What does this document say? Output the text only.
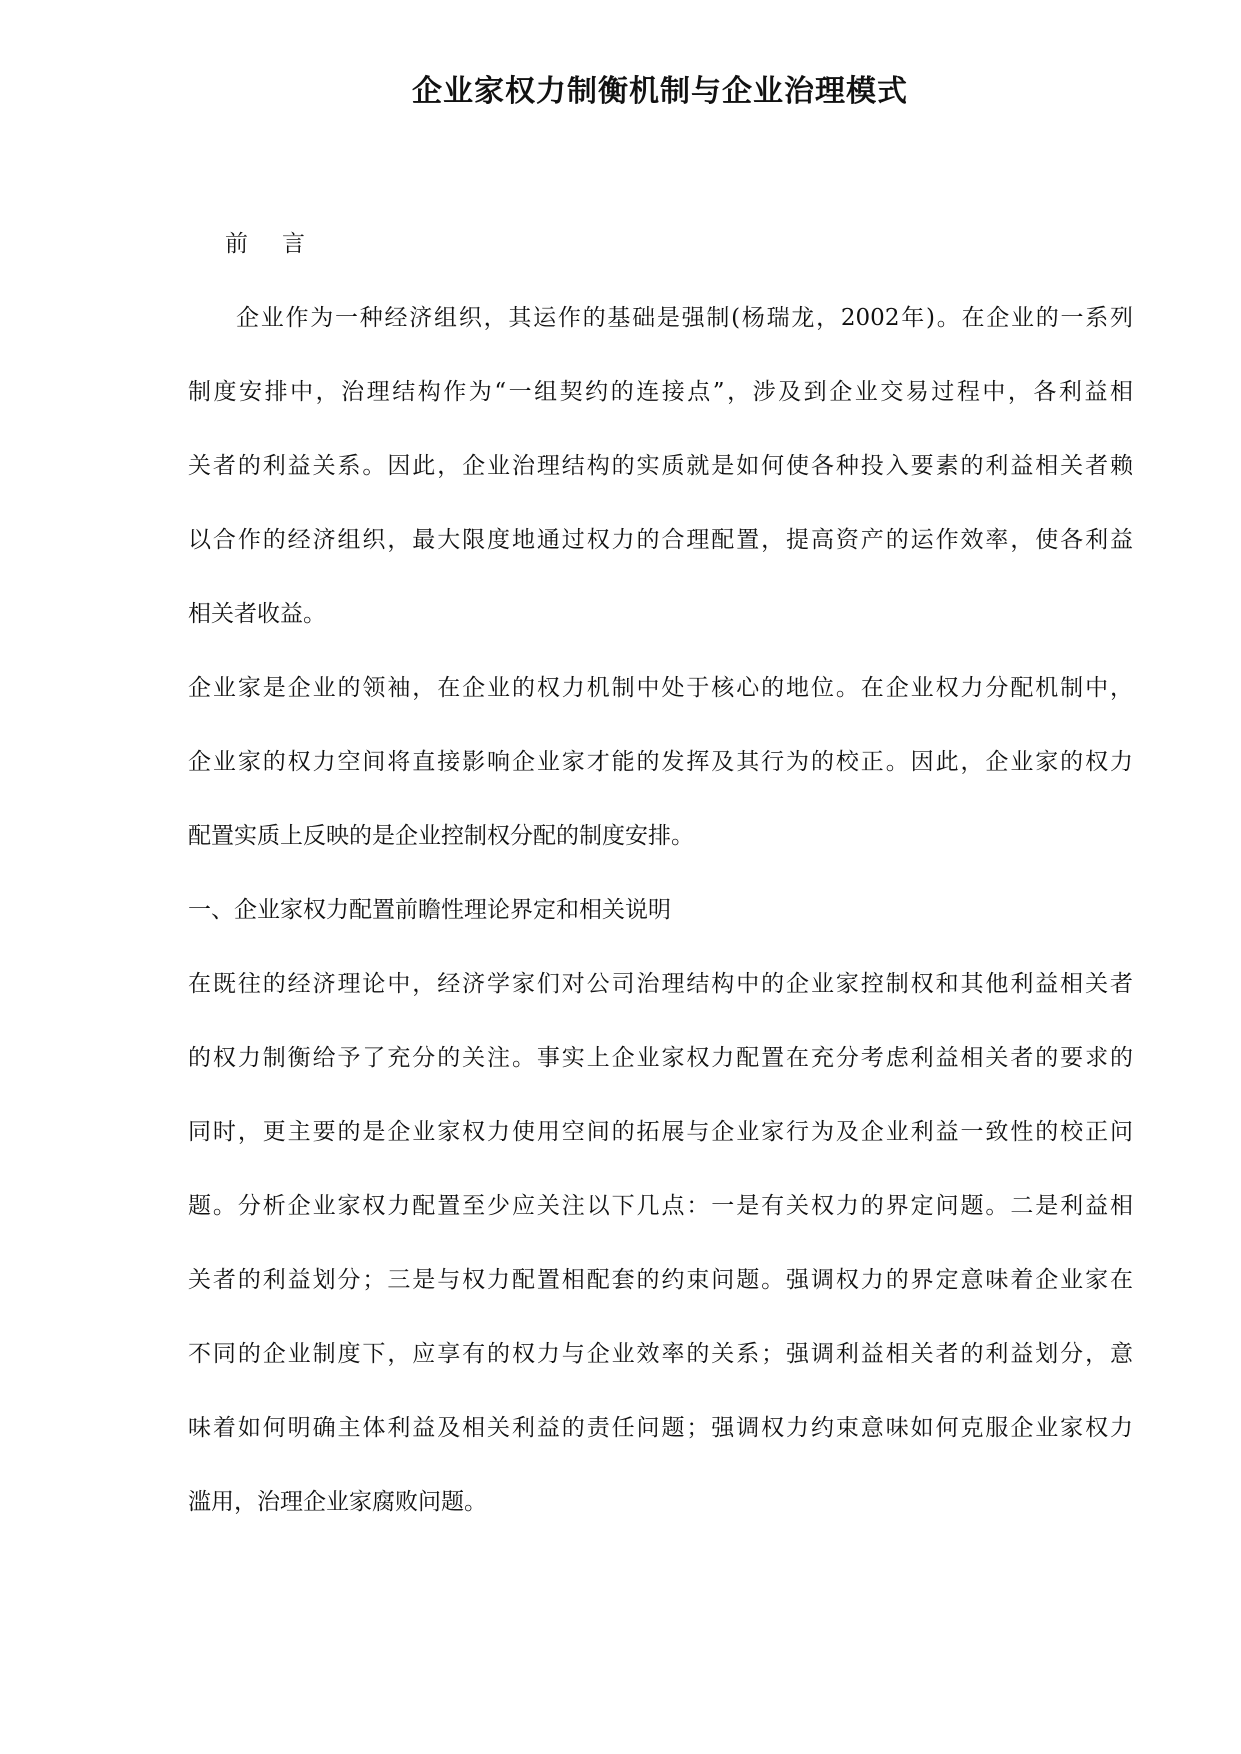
企业家权力制衡机制与企业治理模式
前 言
企业作为一种经济组织，其运作的基础是强制(杨瑞龙，2002年)。在企业的一系列
制度安排中，治理结构作为“一组契约的连接点”，涉及到企业交易过程中，各利益相
关者的利益关系。因此，企业治理结构的实质就是如何使各种投入要素的利益相关者赖
以合作的经济组织，最大限度地通过权力的合理配置，提高资产的运作效率，使各利益
相关者收益。
企业家是企业的领袖，在企业的权力机制中处于核心的地位。在企业权力分配机制中，
企业家的权力空间将直接影响企业家才能的发挥及其行为的校正。因此，企业家的权力
配置实质上反映的是企业控制权分配的制度安排。
一、企业家权力配置前瞻性理论界定和相关说明
在既往的经济理论中，经济学家们对公司治理结构中的企业家控制权和其他利益相关者
的权力制衡给予了充分的关注。事实上企业家权力配置在充分考虑利益相关者的要求的
同时，更主要的是企业家权力使用空间的拓展与企业家行为及企业利益一致性的校正问
题。分析企业家权力配置至少应关注以下几点：一是有关权力的界定问题。二是利益相
关者的利益划分；三是与权力配置相配套的约束问题。强调权力的界定意味着企业家在
不同的企业制度下，应享有的权力与企业效率的关系；强调利益相关者的利益划分，意
味着如何明确主体利益及相关利益的责任问题；强调权力约束意味如何克服企业家权力
滥用，治理企业家腐败问题。
